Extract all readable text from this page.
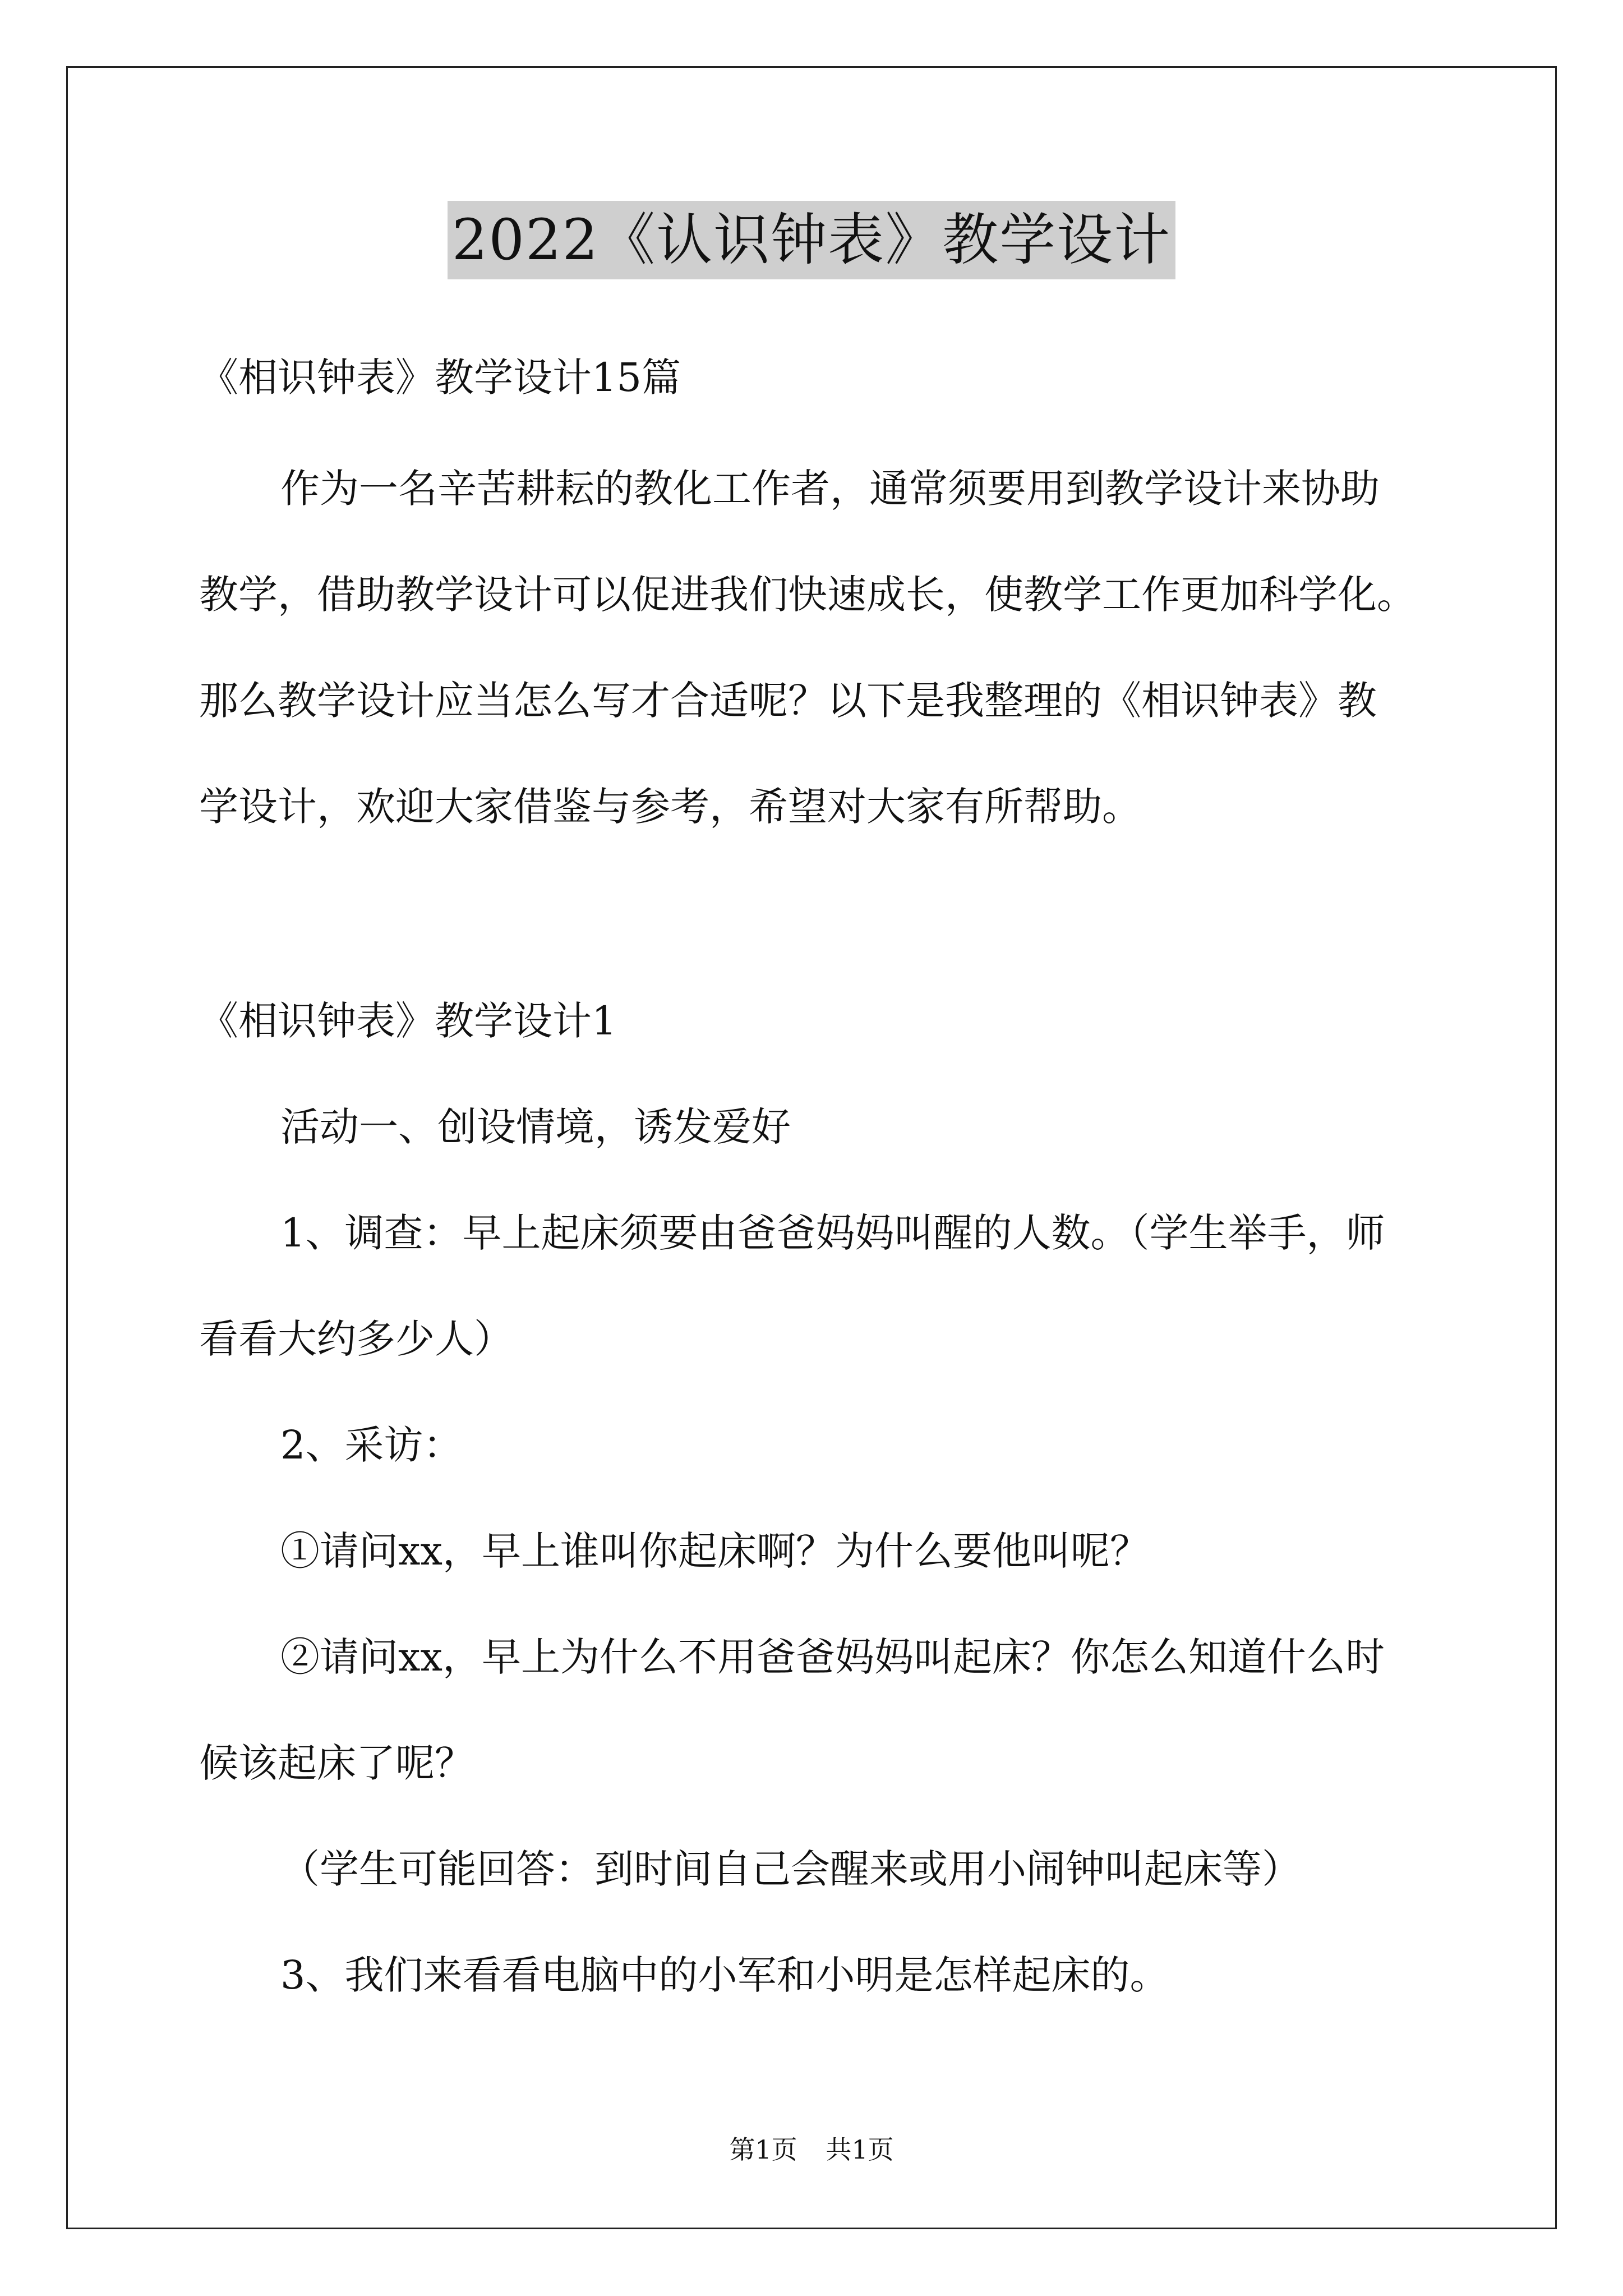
2022《认识钟表》教学设计
《相识钟表》教学设计15篇
作为一名辛苦耕耘的教化工作者，通常须要用到教学设计来协助
教学，借助教学设计可以促进我们快速成长，使教学工作更加科学化。
那么教学设计应当怎么写才合适呢？以下是我整理的《相识钟表》教
学设计，欢迎大家借鉴与参考，希望对大家有所帮助。
《相识钟表》教学设计1
活动一、创设情境，诱发爱好
1、调查：早上起床须要由爸爸妈妈叫醒的人数。（学生举手，师
看看大约多少人）
2、采访：
①请问xx，早上谁叫你起床啊？为什么要他叫呢？
②请问xx，早上为什么不用爸爸妈妈叫起床？你怎么知道什么时
候该起床了呢？
（学生可能回答：到时间自己会醒来或用小闹钟叫起床等）
3、我们来看看电脑中的小军和小明是怎样起床的。
第1页 共1页
